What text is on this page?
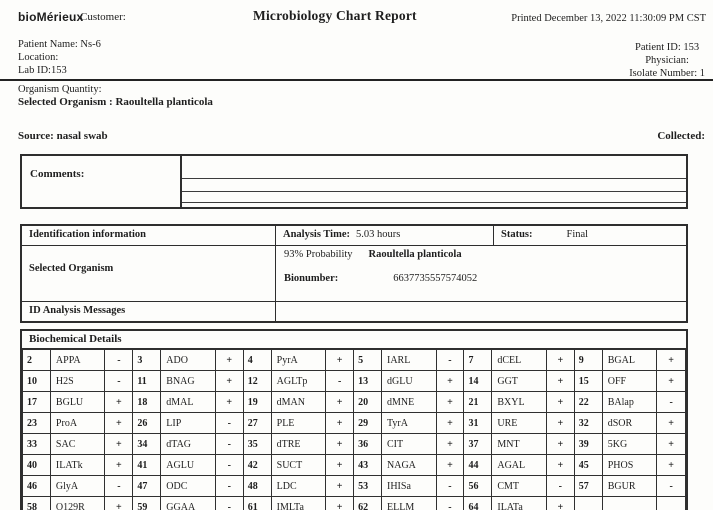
bioMérieux
Customer:	Microbiology Chart Report	Printed December 13, 2022 11:30:09 PM CST
Patient Name: Ns-6
Location:
Lab ID:153
Patient ID: 153
Physician:
Isolate Number: 1
Organism Quantity:
Selected Organism : Raoultella planticola
Source: nasal swab	Collected:
Comments:
Identification information	Analysis Time: 5.03 hours	Status:	Final
Selected Organism
93% Probability Raoultella planticola
Bionumber:	6637735557574052
ID Analysis Messages
Biochemical Details
2	APPA	-	3	ADO	+	4	PyrA	+	5	IARL	-	7	dCEL	+	9	BGAL	+
10	H2S	-	11	BNAG	+	12	AGLTp	-	13	dGLU	+	14	GGT	+	15	OFF	+
17	BGLU	+	18	dMAL	+	19	dMAN	+	20	dMNE	+	21	BXYL	+	22	BAlap	-
23	ProA	+	26	LIP	-	27	PLE	+	29	TyrA	+	31	URE	+	32	dSOR	+
33	SAC	+	34	dTAG	-	35	dTRE	+	36	CIT	+	37	MNT	+	39	5KG	+
40	ILATk	+	41	AGLU	-	42	SUCT	+	43	NAGA	+	44	AGAL	+	45	PHOS	+
46	GlyA	-	47	ODC	-	48	LDC	+	53	IHISa	-	56	CMT	-	57	BGUR	-
58	O129R	+	59	GGAA	-	61	IMLTa	+	62	ELLM	-	64	ILATa	+			
